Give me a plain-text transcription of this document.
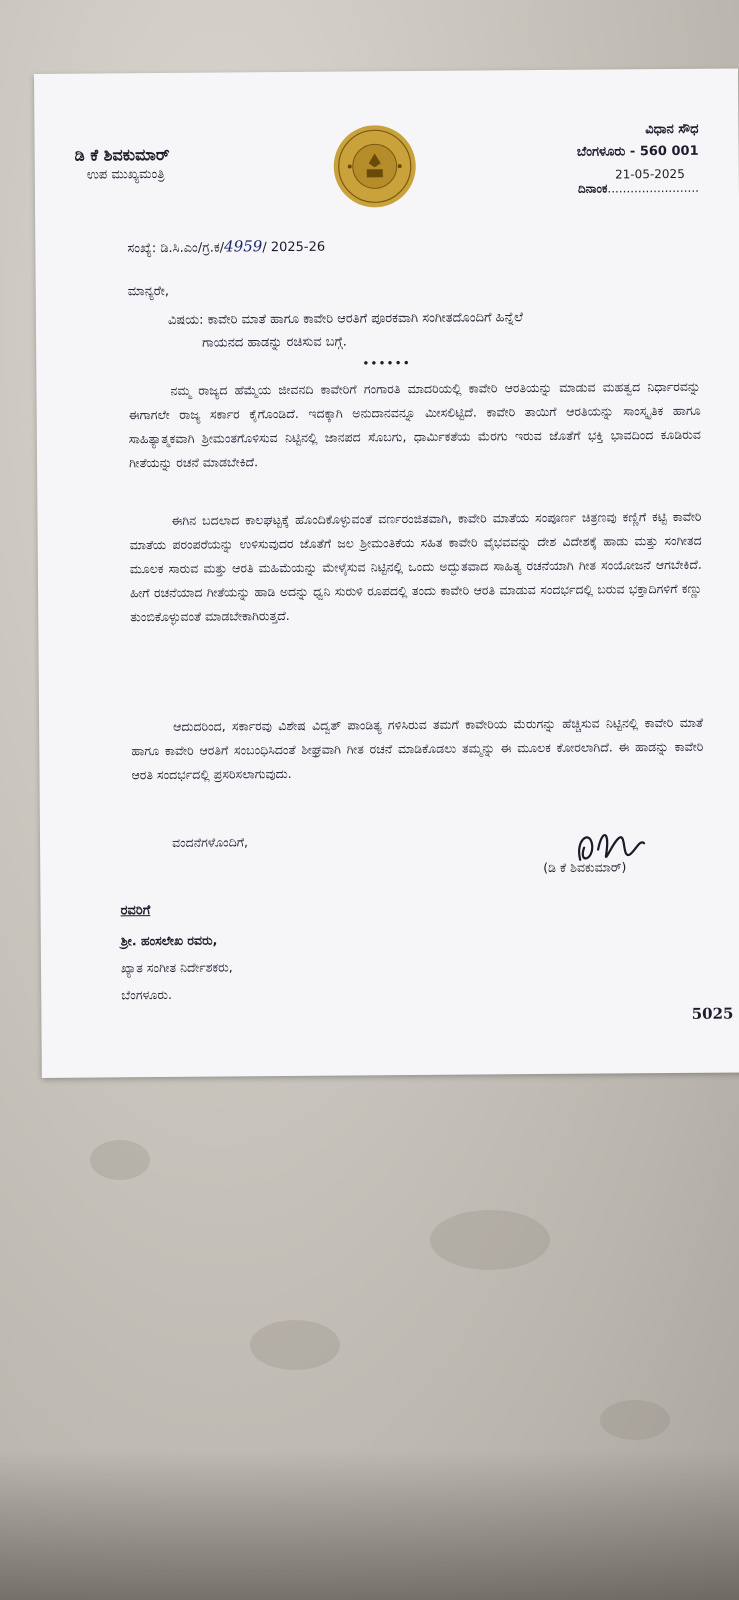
ಡಿ ಕೆ ಶಿವಕುಮಾರ್
ಉಪ ಮುಖ್ಯಮಂತ್ರಿ
ವಿಧಾನ ಸೌಧ
ಬೆಂಗಳೂರು - 560 001
21-05-2025
ದಿನಾಂಕ........................
ಸಂಖ್ಯೆ: ಡಿ.ಸಿ.ಎಂ/ಗ್ರ.ಕ/4959/ 2025-26
ಮಾನ್ಯರೇ,
ವಿಷಯ: ಕಾವೇರಿ ಮಾತೆ ಹಾಗೂ ಕಾವೇರಿ ಆರತಿಗೆ ಪೂರಕವಾಗಿ ಸಂಗೀತದೊಂದಿಗೆ ಹಿನ್ನೆಲೆ
ಗಾಯನದ ಹಾಡನ್ನು ರಚಿಸುವ ಬಗ್ಗೆ.
••••••
ನಮ್ಮ ರಾಜ್ಯದ ಹೆಮ್ಮೆಯ ಜೀವನದಿ ಕಾವೇರಿಗೆ ಗಂಗಾರತಿ ಮಾದರಿಯಲ್ಲಿ ಕಾವೇರಿ ಆರತಿಯನ್ನು ಮಾಡುವ ಮಹತ್ವದ ನಿರ್ಧಾರವನ್ನು ಈಗಾಗಲೇ ರಾಜ್ಯ ಸರ್ಕಾರ ಕೈಗೊಂಡಿದೆ. ಇದಕ್ಕಾಗಿ ಅನುದಾನವನ್ನೂ ಮೀಸಲಿಟ್ಟಿದೆ. ಕಾವೇರಿ ತಾಯಿಗೆ ಆರತಿಯನ್ನು ಸಾಂಸ್ಕೃತಿಕ ಹಾಗೂ ಸಾಹಿತ್ಯಾತ್ಮಕವಾಗಿ ಶ್ರೀಮಂತಗೊಳಿಸುವ ನಿಟ್ಟಿನಲ್ಲಿ ಜಾನಪದ ಸೊಬಗು, ಧಾರ್ಮಿಕತೆಯ ಮೆರಗು ಇರುವ ಜೊತೆಗೆ ಭಕ್ತಿ ಭಾವದಿಂದ ಕೂಡಿರುವ ಗೀತೆಯನ್ನು ರಚನೆ ಮಾಡಬೇಕಿದೆ.
ಈಗಿನ ಬದಲಾದ ಕಾಲಘಟ್ಟಕ್ಕೆ ಹೊಂದಿಕೊಳ್ಳುವಂತೆ ವರ್ಣರಂಜಿತವಾಗಿ, ಕಾವೇರಿ ಮಾತೆಯ ಸಂಪೂರ್ಣ ಚಿತ್ರಣವು ಕಣ್ಣಿಗೆ ಕಟ್ಟಿ ಕಾವೇರಿ ಮಾತೆಯ ಪರಂಪರೆಯನ್ನು ಉಳಿಸುವುದರ ಜೊತೆಗೆ ಜಲ ಶ್ರೀಮಂತಿಕೆಯ ಸಹಿತ ಕಾವೇರಿ ವೈಭವವನ್ನು ದೇಶ ವಿದೇಶಕ್ಕೆ ಹಾಡು ಮತ್ತು ಸಂಗೀತದ ಮೂಲಕ ಸಾರುವ ಮತ್ತು ಆರತಿ ಮಹಿಮೆಯನ್ನು ಮೇಳೈಸುವ ನಿಟ್ಟಿನಲ್ಲಿ ಒಂದು ಅದ್ಭುತವಾದ ಸಾಹಿತ್ಯ ರಚನೆಯಾಗಿ ಗೀತ ಸಂಯೋಜನೆ ಆಗಬೇಕಿದೆ. ಹೀಗೆ ರಚನೆಯಾದ ಗೀತೆಯನ್ನು ಹಾಡಿ ಅದನ್ನು ಧ್ವನಿ ಸುರುಳಿ ರೂಪದಲ್ಲಿ ತಂದು ಕಾವೇರಿ ಆರತಿ ಮಾಡುವ ಸಂದರ್ಭದಲ್ಲಿ ಬರುವ ಭಕ್ತಾದಿಗಳಿಗೆ ಕಣ್ಣು ತುಂಬಿಕೊಳ್ಳುವಂತೆ ಮಾಡಬೇಕಾಗಿರುತ್ತದೆ.
ಆದುದರಿಂದ, ಸರ್ಕಾರವು ವಿಶೇಷ ವಿದ್ವತ್ ಪಾಂಡಿತ್ಯ ಗಳಿಸಿರುವ ತಮಗೆ ಕಾವೇರಿಯ ಮೆರುಗನ್ನು ಹೆಚ್ಚಿಸುವ ನಿಟ್ಟಿನಲ್ಲಿ ಕಾವೇರಿ ಮಾತೆ ಹಾಗೂ ಕಾವೇರಿ ಆರತಿಗೆ ಸಂಬಂಧಿಸಿದಂತೆ ಶೀಘ್ರವಾಗಿ ಗೀತ ರಚನೆ ಮಾಡಿಕೊಡಲು ತಮ್ಮನ್ನು ಈ ಮೂಲಕ ಕೋರಲಾಗಿದೆ. ಈ ಹಾಡನ್ನು ಕಾವೇರಿ ಆರತಿ ಸಂದರ್ಭದಲ್ಲಿ ಪ್ರಸರಿಸಲಾಗುವುದು.
ವಂದನೆಗಳೊಂದಿಗೆ,
(ಡಿ ಕೆ ಶಿವಕುಮಾರ್)
ರವರಿಗೆ
ಶ್ರೀ. ಹಂಸಲೇಖ ರವರು,
ಖ್ಯಾತ ಸಂಗೀತ ನಿರ್ದೇಶಕರು,
ಬೆಂಗಳೂರು.
5025
